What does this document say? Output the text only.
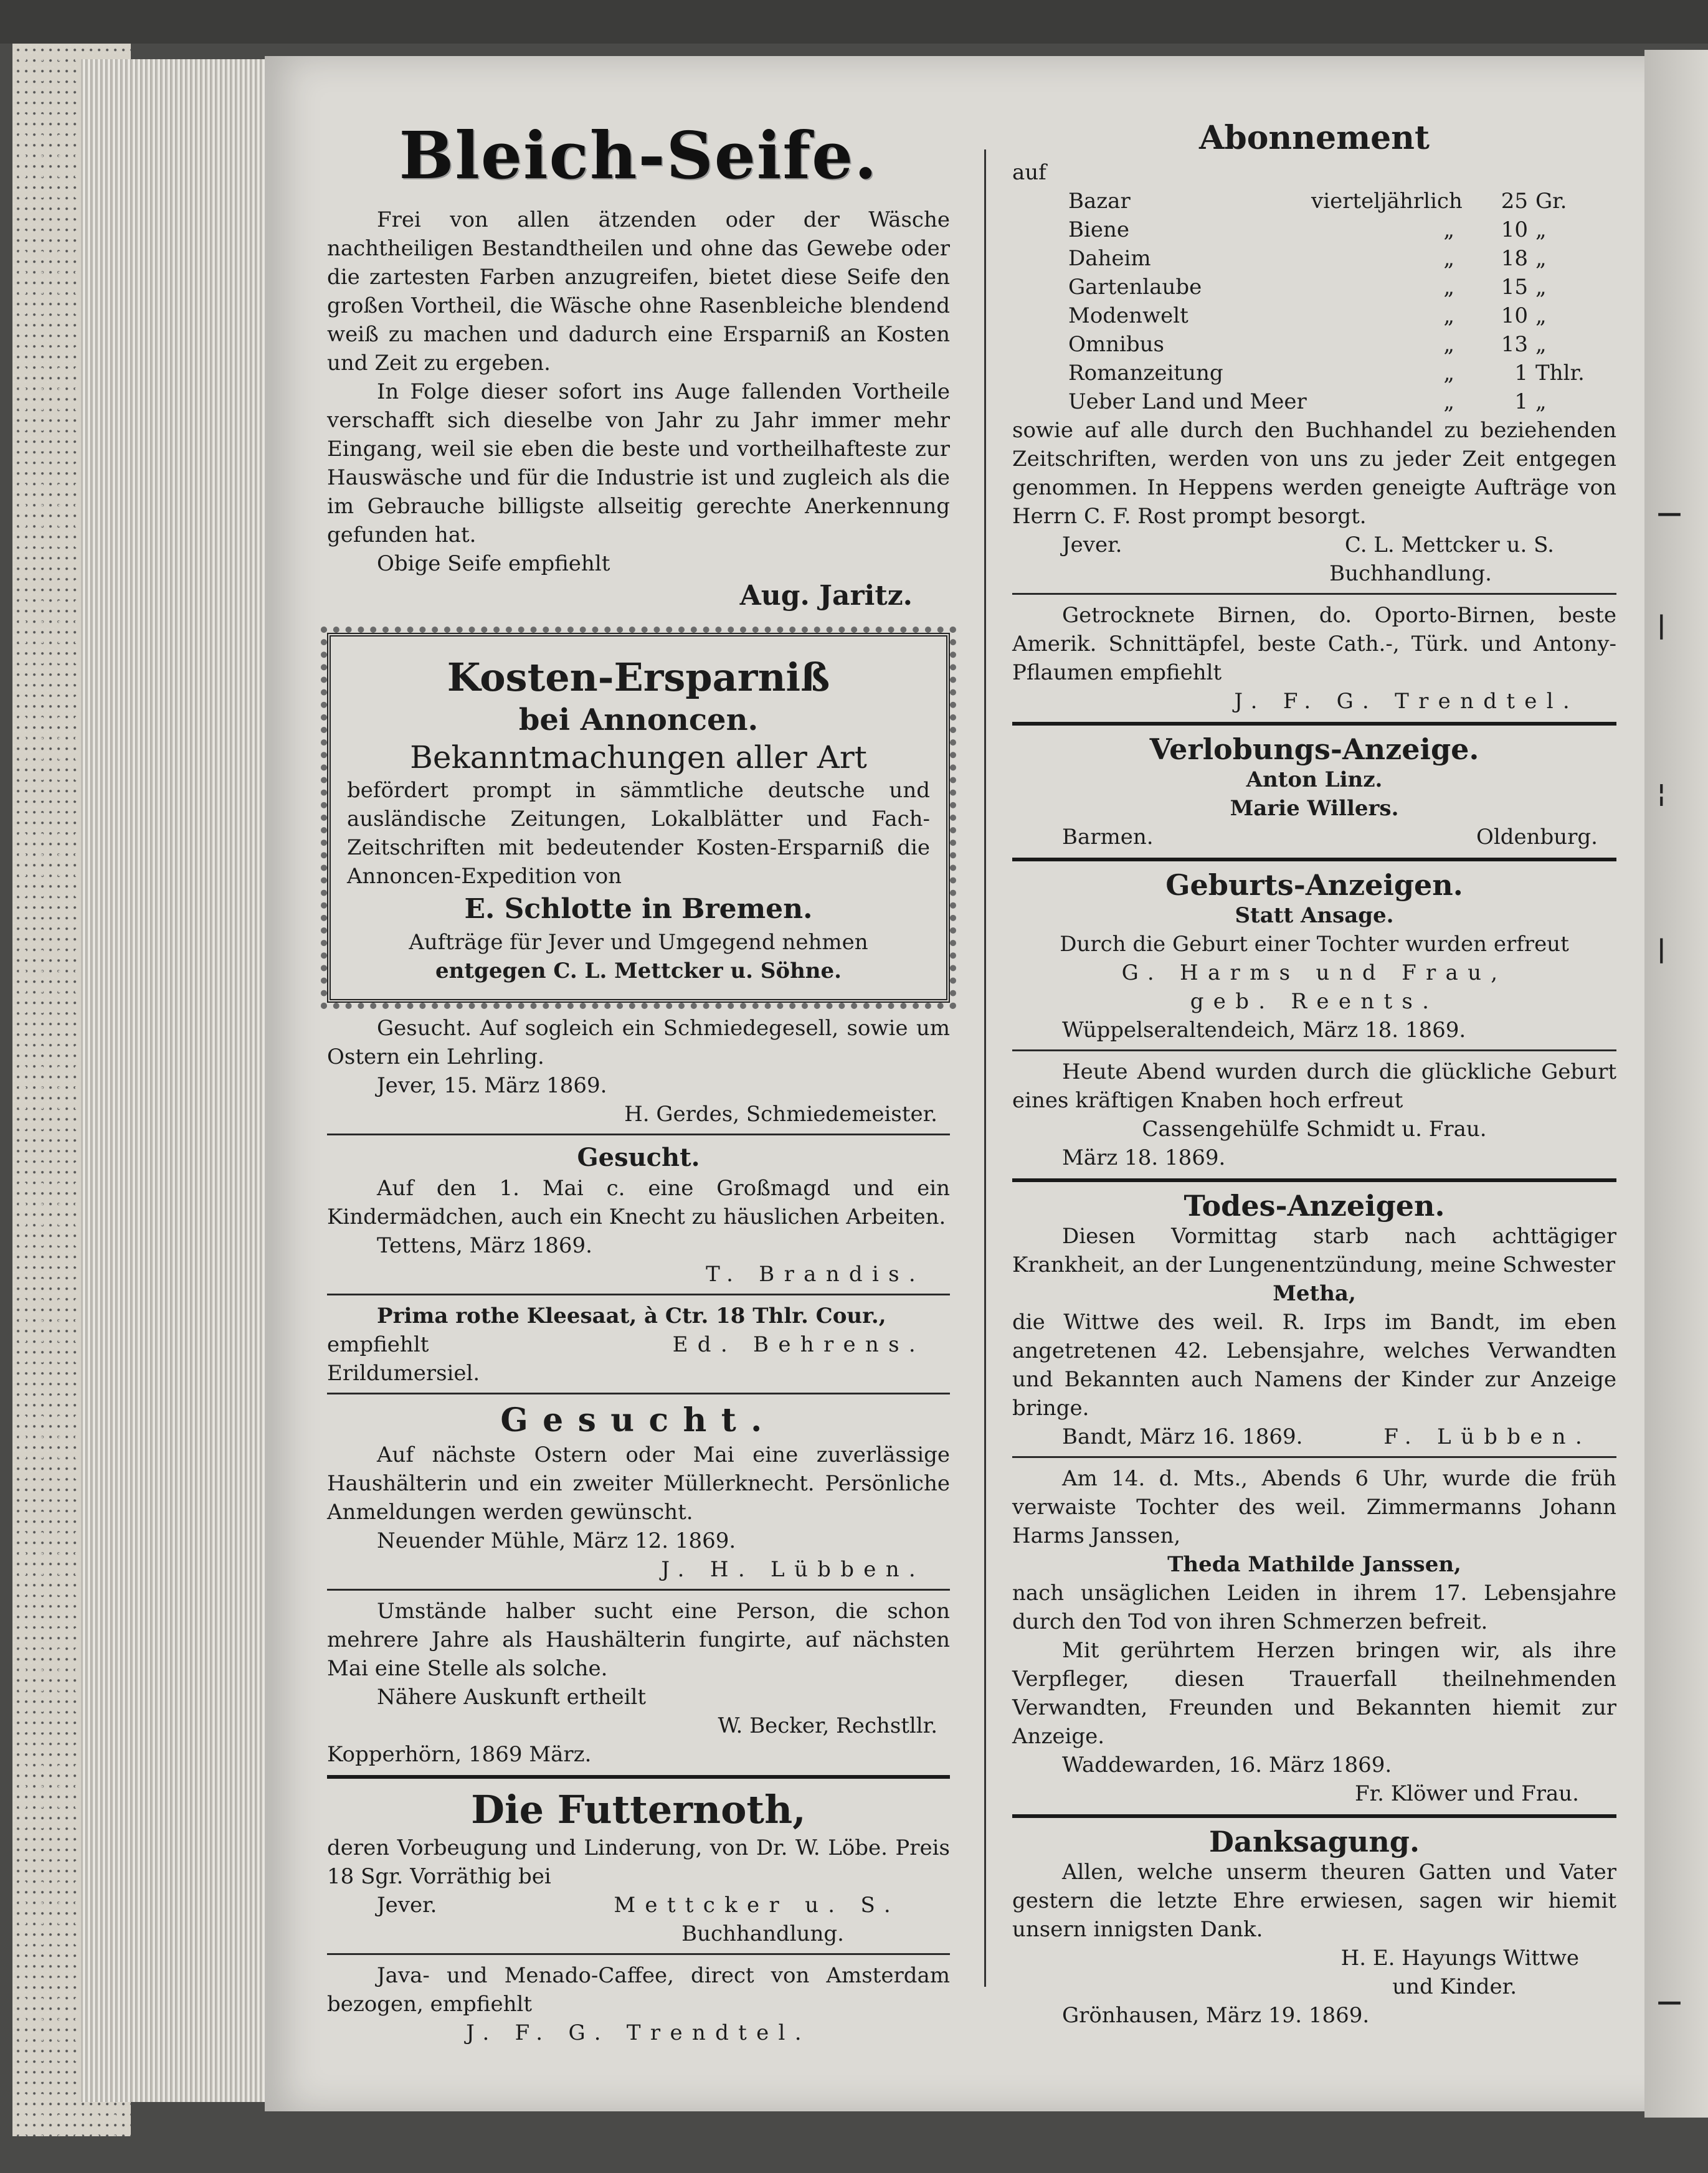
—
|
¦
|
—
Bleich-Seife.

Frei von allen ätzenden oder der Wäsche nachtheiligen Bestandtheilen und ohne das Gewebe oder die zartesten Farben anzugreifen, bietet diese Seife den großen Vortheil, die Wäsche ohne Rasenbleiche blendend weiß zu machen und dadurch eine Ersparniß an Kosten und Zeit zu ergeben.

In Folge dieser sofort ins Auge fallenden Vortheile verschafft sich dieselbe von Jahr zu Jahr immer mehr Eingang, weil sie eben die beste und vortheilhafteste zur Hauswäsche und für die Industrie ist und zugleich als die im Gebrauche billigste allseitig gerechte Anerkennung gefunden hat.

Obige Seife empfiehlt

Aug. Jaritz.

Kosten-Ersparniß
bei Annoncen.
Bekanntmachungen aller Art

befördert prompt in sämmtliche deutsche und ausländische Zeitungen, Lokalblätter und Fach-Zeitschriften mit bedeutender Kosten-Ersparniß die Annoncen-Expedition von

E. Schlotte in Bremen.

Aufträge für Jever und Umgegend nehmen

entgegen C. L. Mettcker u. Söhne.

Gesucht. Auf sogleich ein Schmiedegesell, sowie um Ostern ein Lehrling.

Jever, 15. März 1869.

H. Gerdes, Schmiedemeister.

Gesucht.

Auf den 1. Mai c. eine Großmagd und ein Kindermädchen, auch ein Knecht zu häuslichen Arbeiten.

Tettens, März 1869.

T. Brandis.

Prima rothe Kleesaat, à Ctr. 18 Thlr. Cour.,

empfiehlt	Ed. Behrens.

Erildumersiel.

Gesucht.

Auf nächste Ostern oder Mai eine zuverlässige Haushälterin und ein zweiter Müllerknecht. Persönliche Anmeldungen werden gewünscht.

Neuender Mühle, März 12. 1869.

J. H. Lübben.

Umstände halber sucht eine Person, die schon mehrere Jahre als Haushälterin fungirte, auf nächsten Mai eine Stelle als solche.

Nähere Auskunft ertheilt

W. Becker, Rechstllr.

Kopperhörn, 1869 März.

Die Futternoth,

deren Vorbeugung und Linderung, von Dr. W. Löbe. Preis 18 Sgr. Vorräthig bei

Jever.	Mettcker u. S.

Buchhandlung.

Java- und Menado-Caffee, direct von Amsterdam bezogen, empfiehlt

J. F. G. Trendtel.

Abonnement

auf

Bazar	vierteljährlich	25 Gr.
Biene	„	10 „
Daheim	„	18 „
Gartenlaube	„	15 „
Modenwelt	„	10 „
Omnibus	„	13 „
Romanzeitung	„	1 Thlr.
Ueber Land und Meer	„	1 „

sowie auf alle durch den Buchhandel zu beziehenden Zeitschriften, werden von uns zu jeder Zeit entgegen genommen. In Heppens werden geneigte Aufträge von Herrn C. F. Rost prompt besorgt.

Jever.	C. L. Mettcker u. S.

Buchhandlung.

Getrocknete Birnen, do. Oporto-Birnen, beste Amerik. Schnittäpfel, beste Cath.-, Türk. und Antony-Pflaumen empfiehlt

J. F. G. Trendtel.

Verlobungs-Anzeige.

Anton Linz.

Marie Willers.

Barmen.	Oldenburg.
Geburts-Anzeigen.

Statt Ansage.

Durch die Geburt einer Tochter wurden erfreut

G. Harms und Frau,

geb. Reents.

Wüppelseraltendeich, März 18. 1869.

Heute Abend wurden durch die glückliche Geburt eines kräftigen Knaben hoch erfreut

Cassengehülfe Schmidt u. Frau.

März 18. 1869.

Todes-Anzeigen.

Diesen Vormittag starb nach achttägiger Krankheit, an der Lungenentzündung, meine Schwester

Metha,

die Wittwe des weil. R. Irps im Bandt, im eben angetretenen 42. Lebensjahre, welches Verwandten und Bekannten auch Namens der Kinder zur Anzeige bringe.

Bandt, März 16. 1869.	F. Lübben.

Am 14. d. Mts., Abends 6 Uhr, wurde die früh verwaiste Tochter des weil. Zimmermanns Johann Harms Janssen,

Theda Mathilde Janssen,

nach unsäglichen Leiden in ihrem 17. Lebensjahre durch den Tod von ihren Schmerzen befreit.

Mit gerührtem Herzen bringen wir, als ihre Verpfleger, diesen Trauerfall theilnehmenden Verwandten, Freunden und Bekannten hiemit zur Anzeige.

Waddewarden, 16. März 1869.

Fr. Klöwer und Frau.

Danksagung.

Allen, welche unserm theuren Gatten und Vater gestern die letzte Ehre erwiesen, sagen wir hiemit unsern innigsten Dank.

H. E. Hayungs Wittwe

und Kinder.

Grönhausen, März 19. 1869.
